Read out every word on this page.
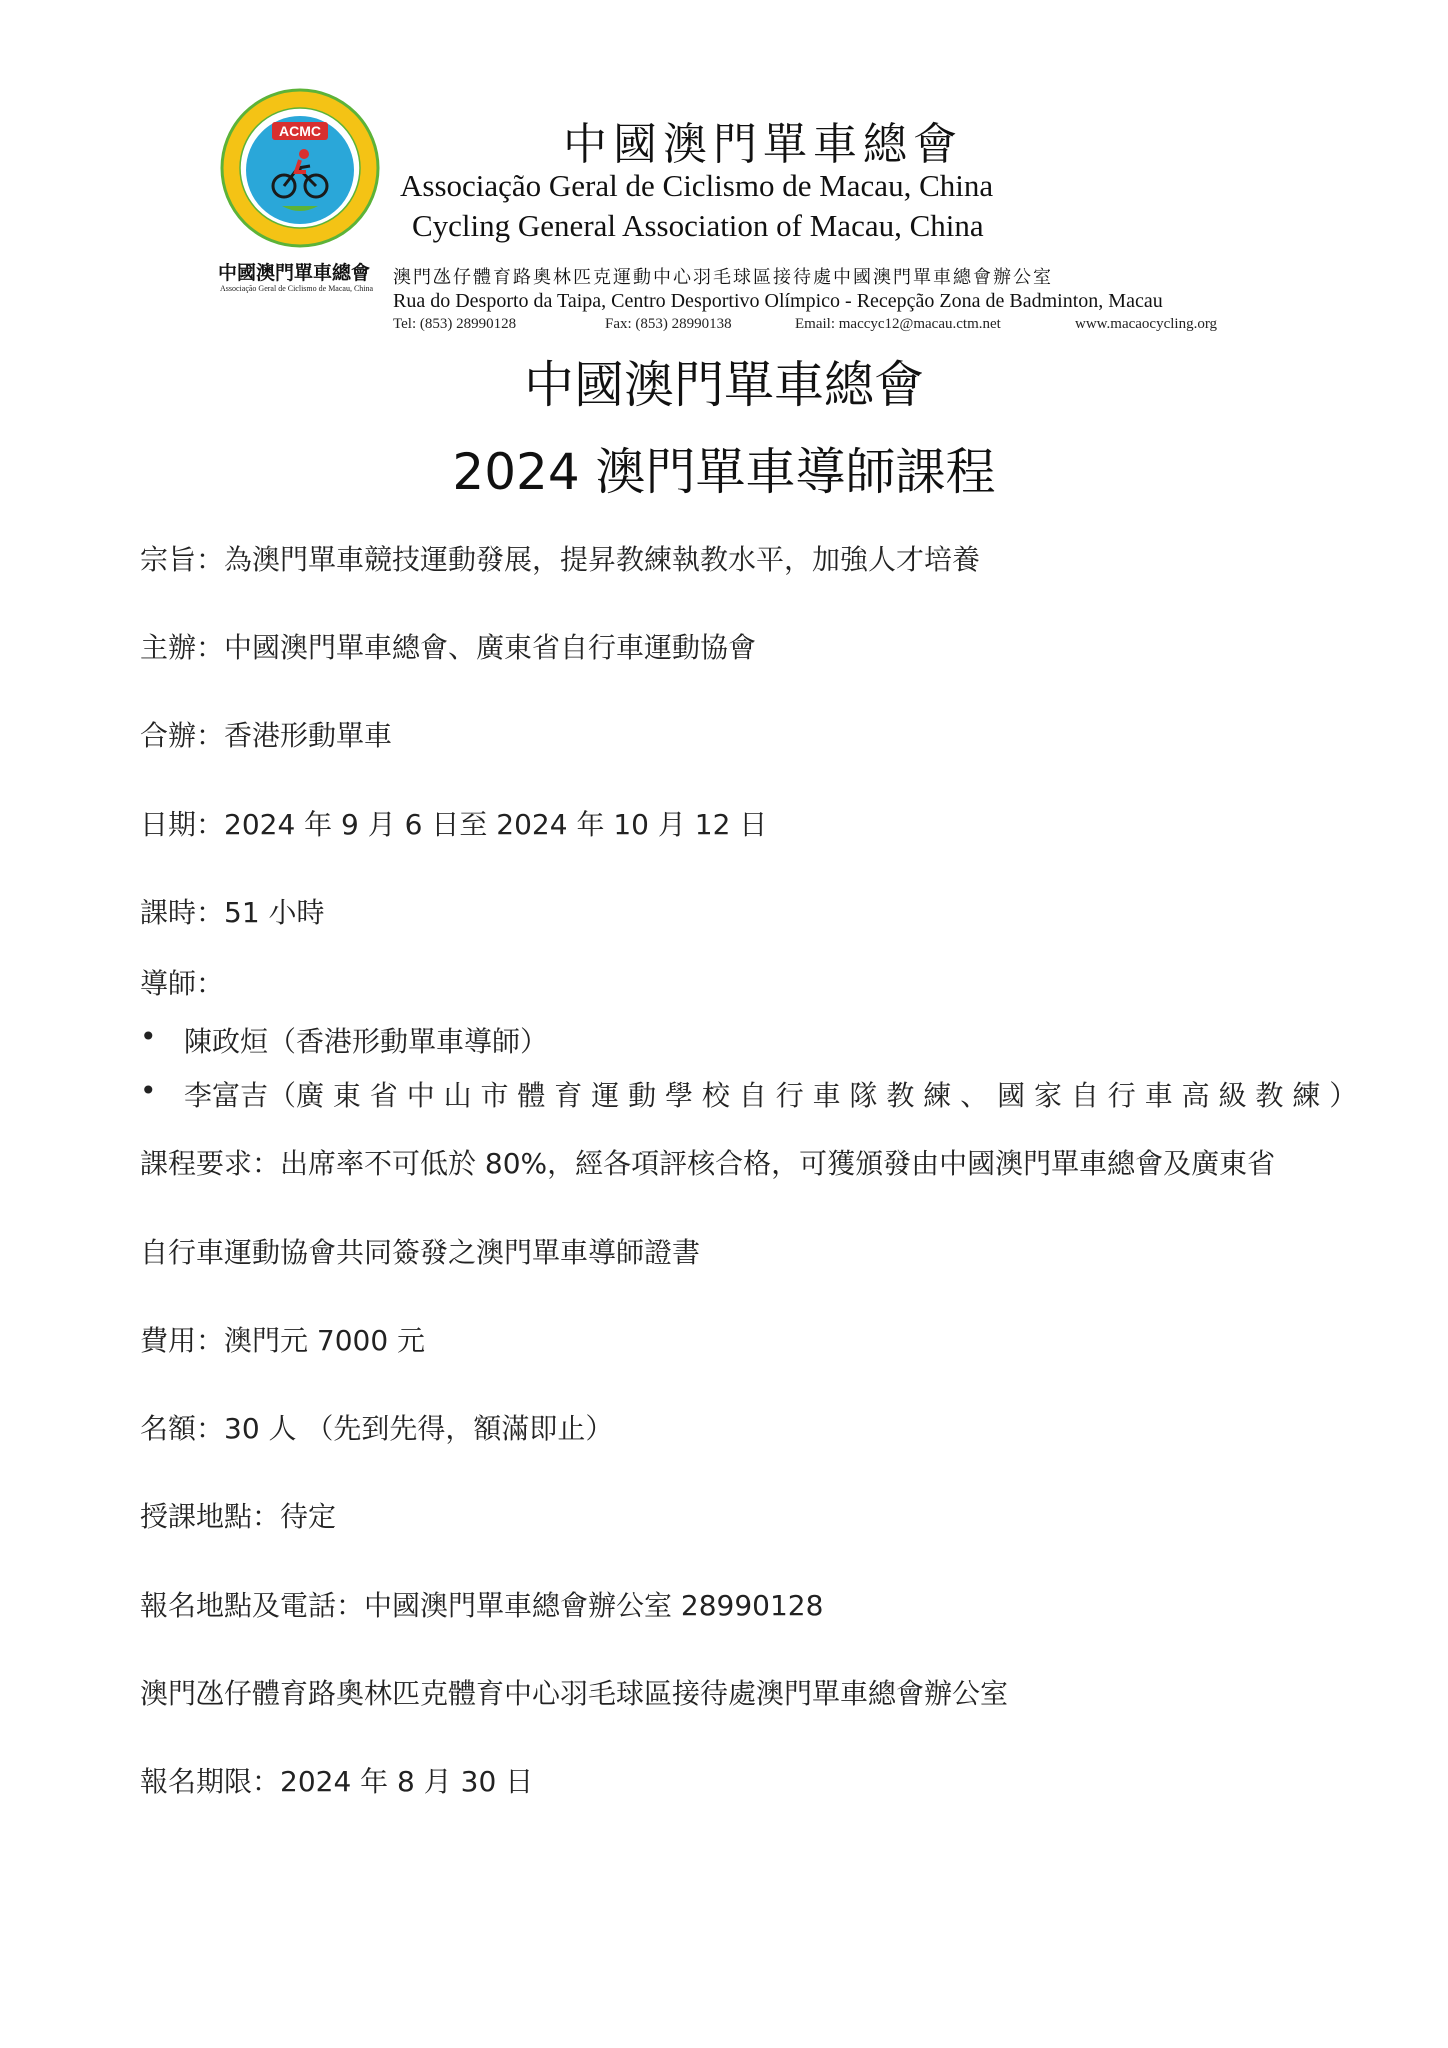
ACMC
中國澳門單車總會
Associação Geral de Ciclismo de Macau, China
中國澳門單車總會
Associação Geral de Ciclismo de Macau, China
Cycling General Association of Macau, China
澳門氹仔體育路奧林匹克運動中心羽毛球區接待處中國澳門單車總會辦公室
Rua do Desporto da Taipa, Centro Desportivo Olímpico - Recepção Zona de Badminton, Macau
Tel: (853) 28990128	Fax: (853) 28990138	Email: maccyc12@macau.ctm.net	www.macaocycling.org
中國澳門單車總會
2024 澳門單車導師課程
宗旨：為澳門單車競技運動發展，提昇教練執教水平，加強人才培養
主辦：中國澳門單車總會、廣東省自行車運動協會
合辦：香港形動單車
日期：2024 年 9 月 6 日至 2024 年 10 月 12 日
課時：51 小時
導師：
• 陳政烜（香港形動單車導師）
• 李富吉（廣 東 省 中 山 市 體 育 運 動 學 校 自 行 車 隊 教 練 、 國 家 自 行 車 高 級 教 練 ）
課程要求：出席率不可低於 80%，經各項評核合格，可獲頒發由中國澳門單車總會及廣東省
自行車運動協會共同簽發之澳門單車導師證書
費用：澳門元 7000 元
名額：30 人 （先到先得，額滿即止）
授課地點：待定
報名地點及電話：中國澳門單車總會辦公室 28990128
澳門氹仔體育路奧林匹克體育中心羽毛球區接待處澳門單車總會辦公室
報名期限：2024 年 8 月 30 日
